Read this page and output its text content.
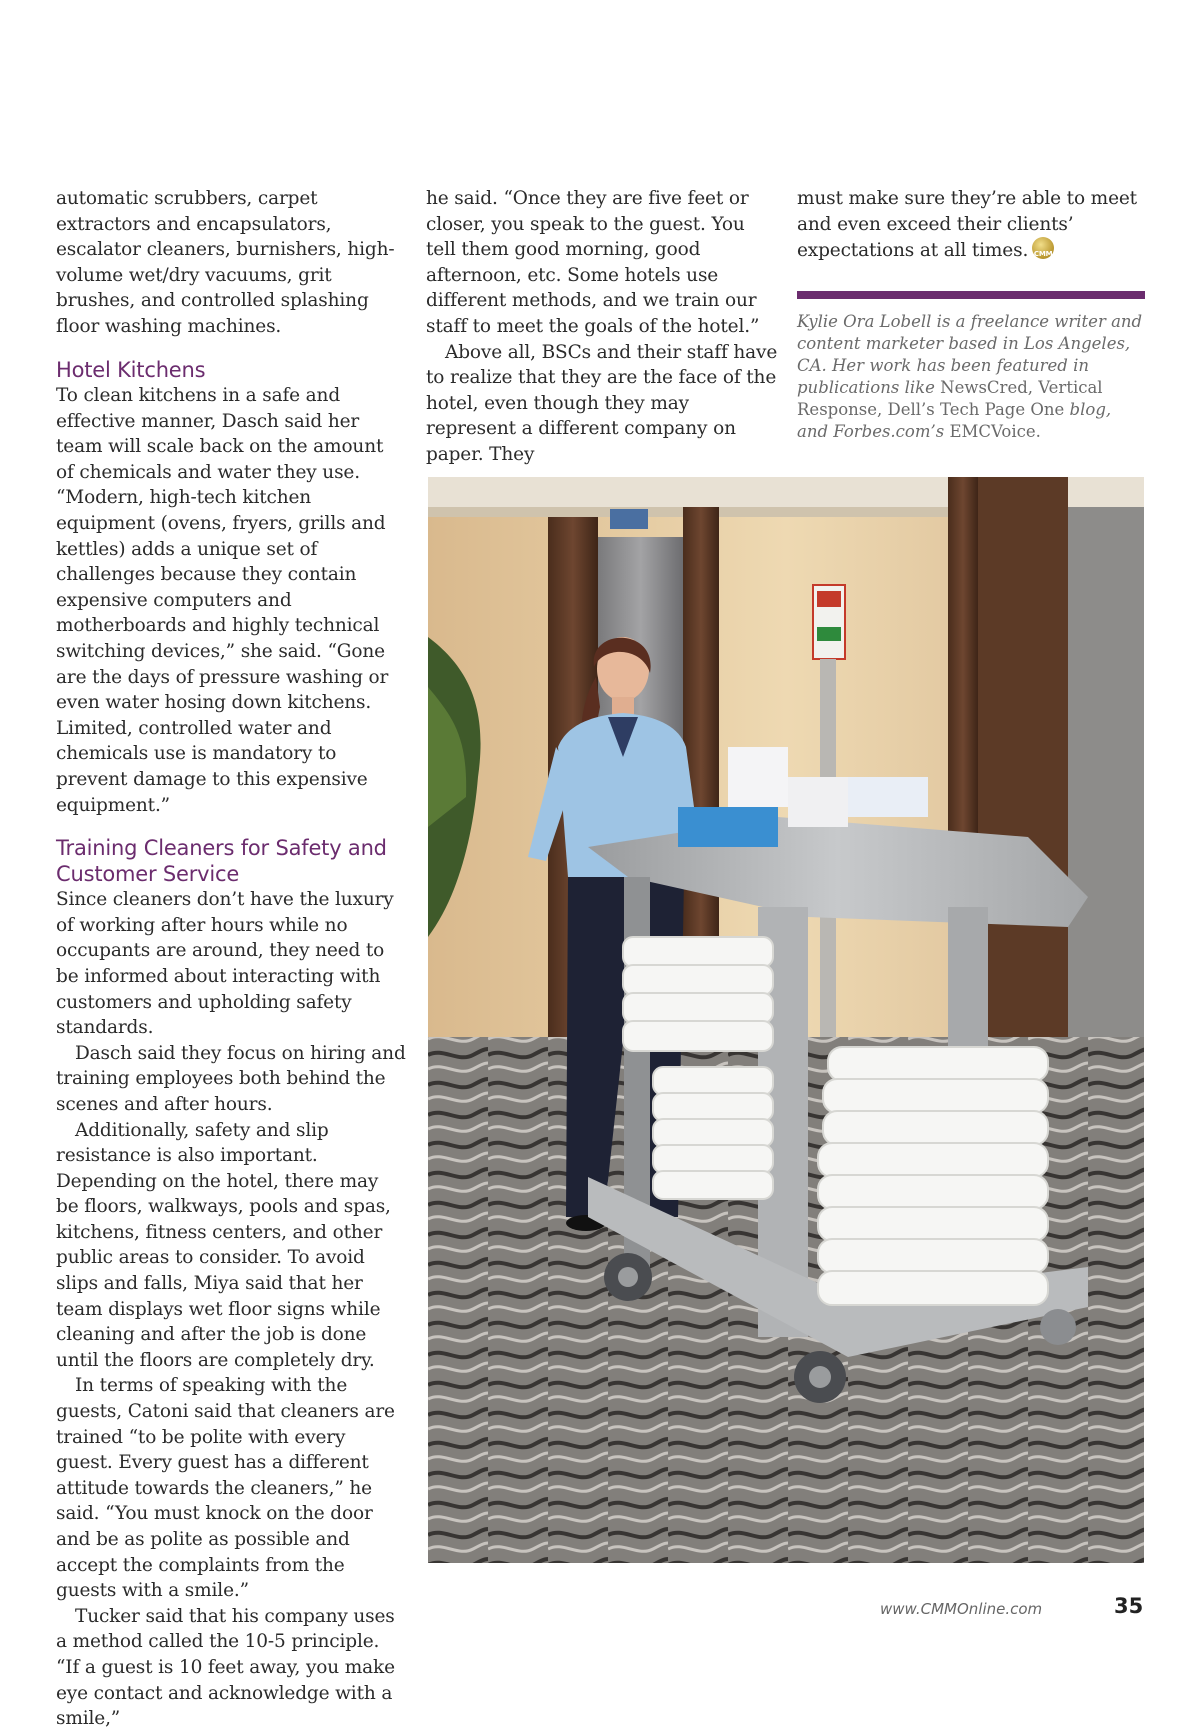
automatic scrubbers, carpet extractors and encapsulators, escalator cleaners, burnishers, high-volume wet/dry vacuums, grit brushes, and controlled splashing floor washing machines.

Hotel Kitchens

To clean kitchens in a safe and effective manner, Dasch said her team will scale back on the amount of chemicals and water they use. “Modern, high-tech kitchen equipment (ovens, fryers, grills and kettles) adds a unique set of challenges because they contain expensive computers and motherboards and highly technical switching devices,” she said. “Gone are the days of pressure washing or even water hosing down kitchens. Limited, controlled water and chemicals use is mandatory to prevent damage to this expensive equipment.”

Training Cleaners for Safety and Customer Service

Since cleaners don’t have the luxury of working after hours while no occupants are around, they need to be informed about interacting with customers and upholding safety standards.

Dasch said they focus on hiring and training employees both behind the scenes and after hours.

Additionally, safety and slip resistance is also important. Depending on the hotel, there may be floors, walkways, pools and spas, kitchens, fitness centers, and other public areas to consider. To avoid slips and falls, Miya said that her team displays wet floor signs while cleaning and after the job is done until the floors are completely dry.

In terms of speaking with the guests, Catoni said that cleaners are trained “to be polite with every guest. Every guest has a different attitude towards the cleaners,” he said. “You must knock on the door and be as polite as possible and accept the complaints from the guests with a smile.”

Tucker said that his company uses a method called the 10-5 principle. “If a guest is 10 feet away, you make eye contact and acknowledge with a smile,”

he said. “Once they are five feet or closer, you speak to the guest. You tell them good morning, good afternoon, etc. Some hotels use different methods, and we train our staff to meet the goals of the hotel.”

Above all, BSCs and their staff have to realize that they are the face of the hotel, even though they may represent a different company on paper. They

must make sure they’re able to meet and even exceed their clients’ expectations at all times. CMM

Kylie Ora Lobell is a freelance writer and content marketer based in Los Angeles, CA. Her work has been featured in publications like NewsCred, Vertical Response, Dell’s Tech Page One blog, and Forbes.com’s EMCVoice.
www.CMMOnline.com	35
